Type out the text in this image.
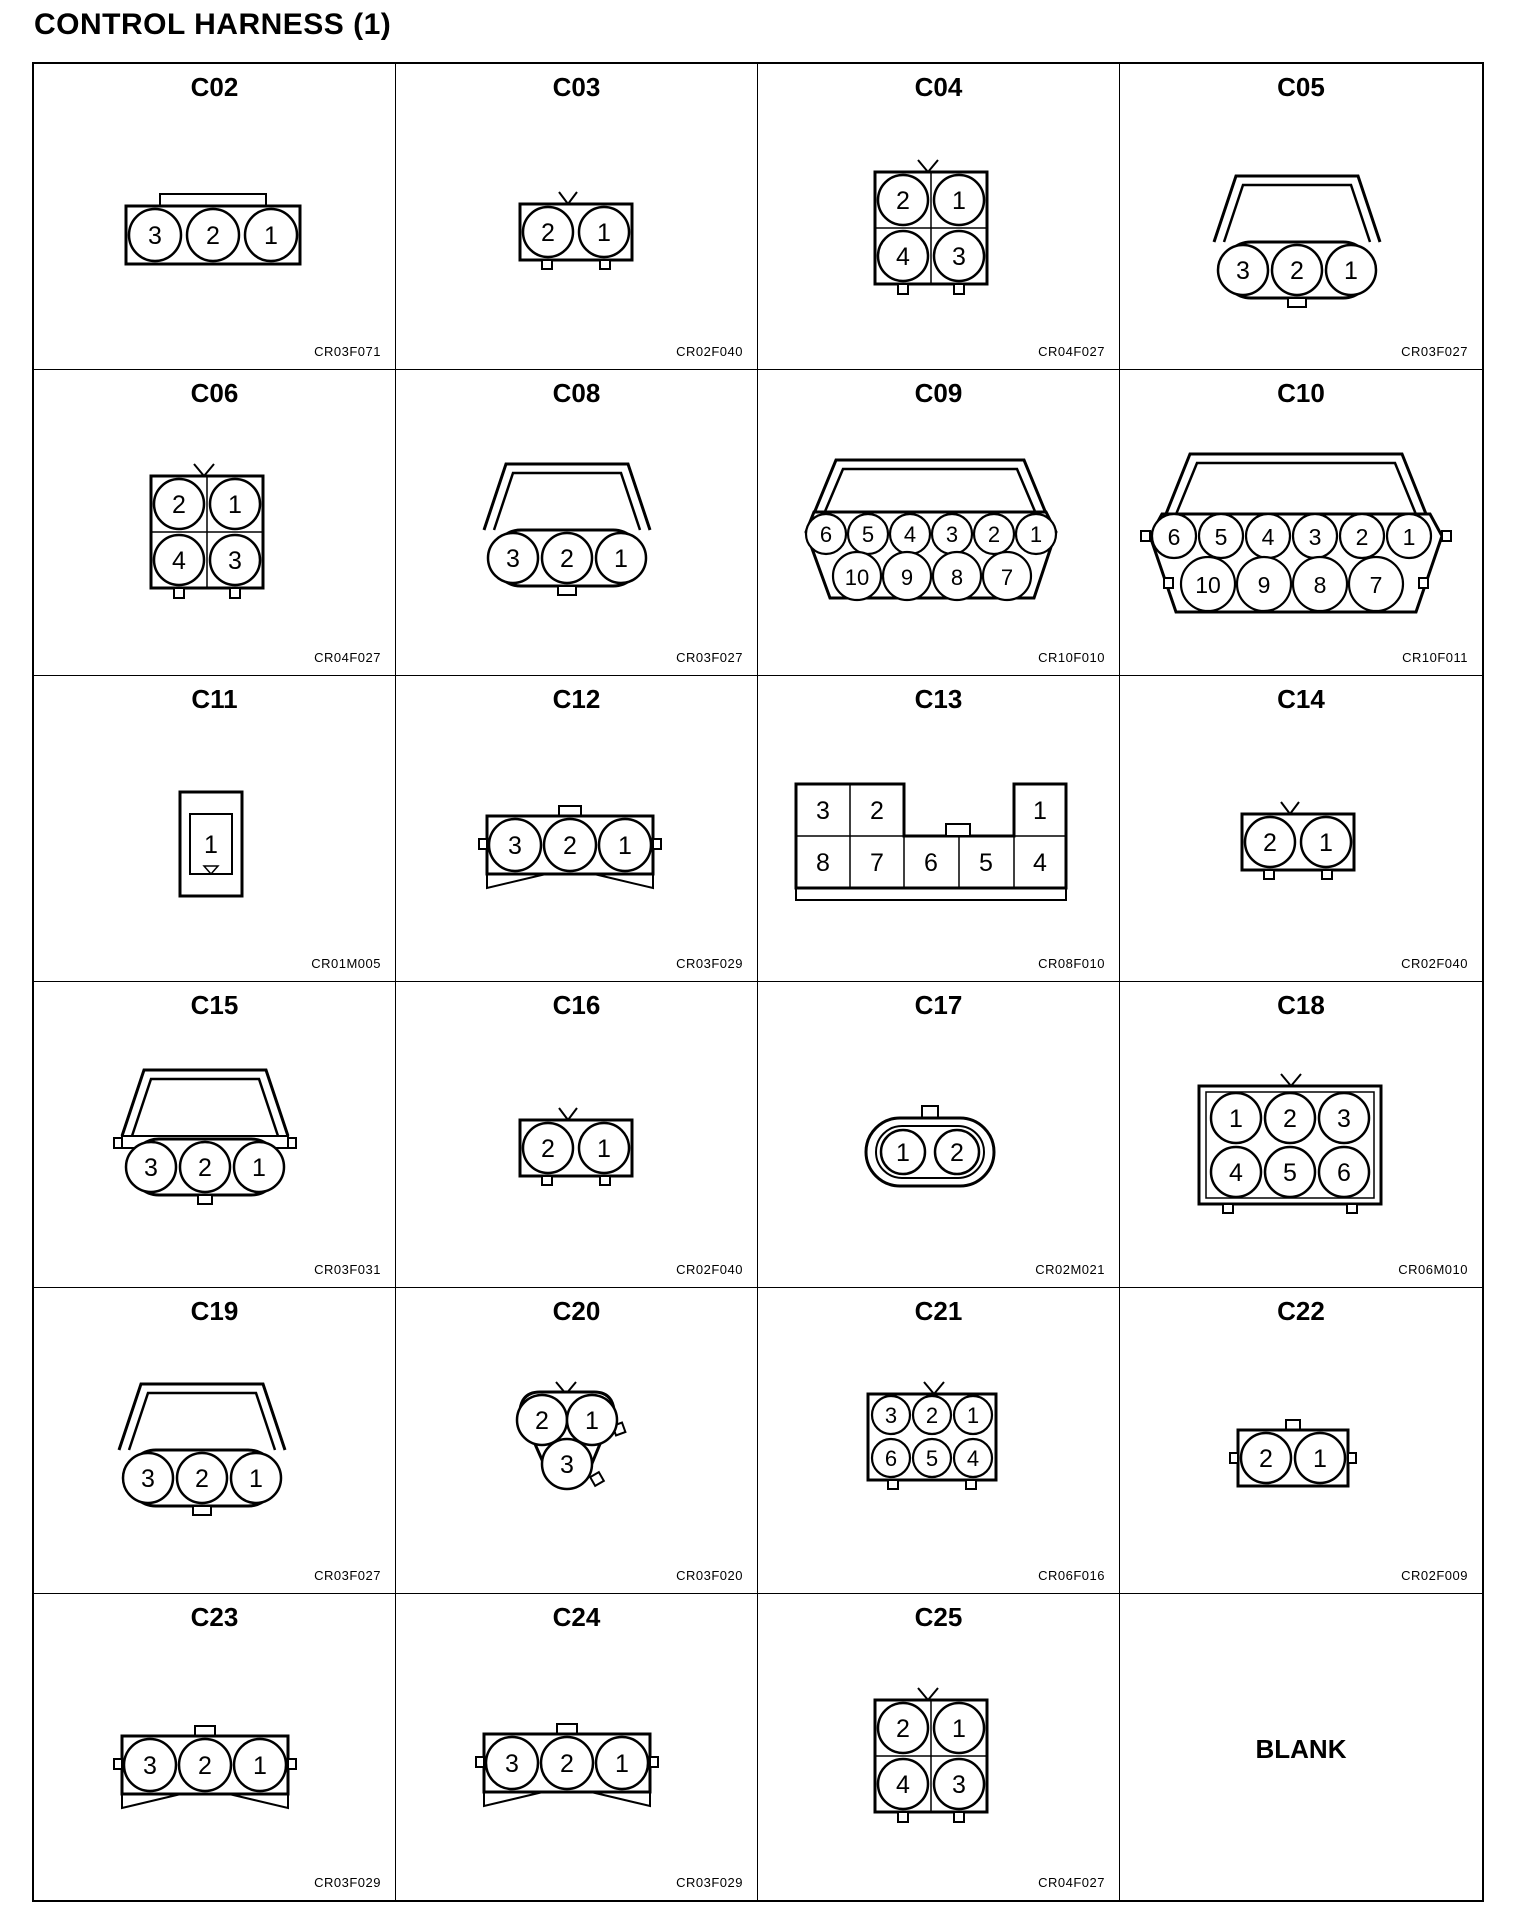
CONTROL HARNESS (1)
C02
3 2 1
CR03F071
C03
2 1
CR02F040
C04
2 1
4 3
CR04F027
C05
3 2 1
CR03F027
C06
2 1
4 3
CR04F027
C08
3 2 1
CR03F027
C09
6 5 4 3 2 1
10 9 8 7
CR10F010
C10
6 5 4 3 2 1
10 9 8 7
CR10F011
C11
1
CR01M005
C12
3 2 1
CR03F029
C13
3 2	1
8 7 6 5 4
CR08F010
C14
2 1
CR02F040
C15
3 2 1
CR03F031
C16
2 1
CR02F040
C17
1 2
CR02M021
C18
1 2 3
4 5 6
CR06M010
C19
3 2 1
CR03F027
C20
2 1
3
CR03F020
C21
3 2 1
6 5 4
CR06F016
C22
2 1
CR02F009
C23
3 2 1
CR03F029
C24
3 2 1
CR03F029
C25
2 1
4 3
CR04F027
BLANK
